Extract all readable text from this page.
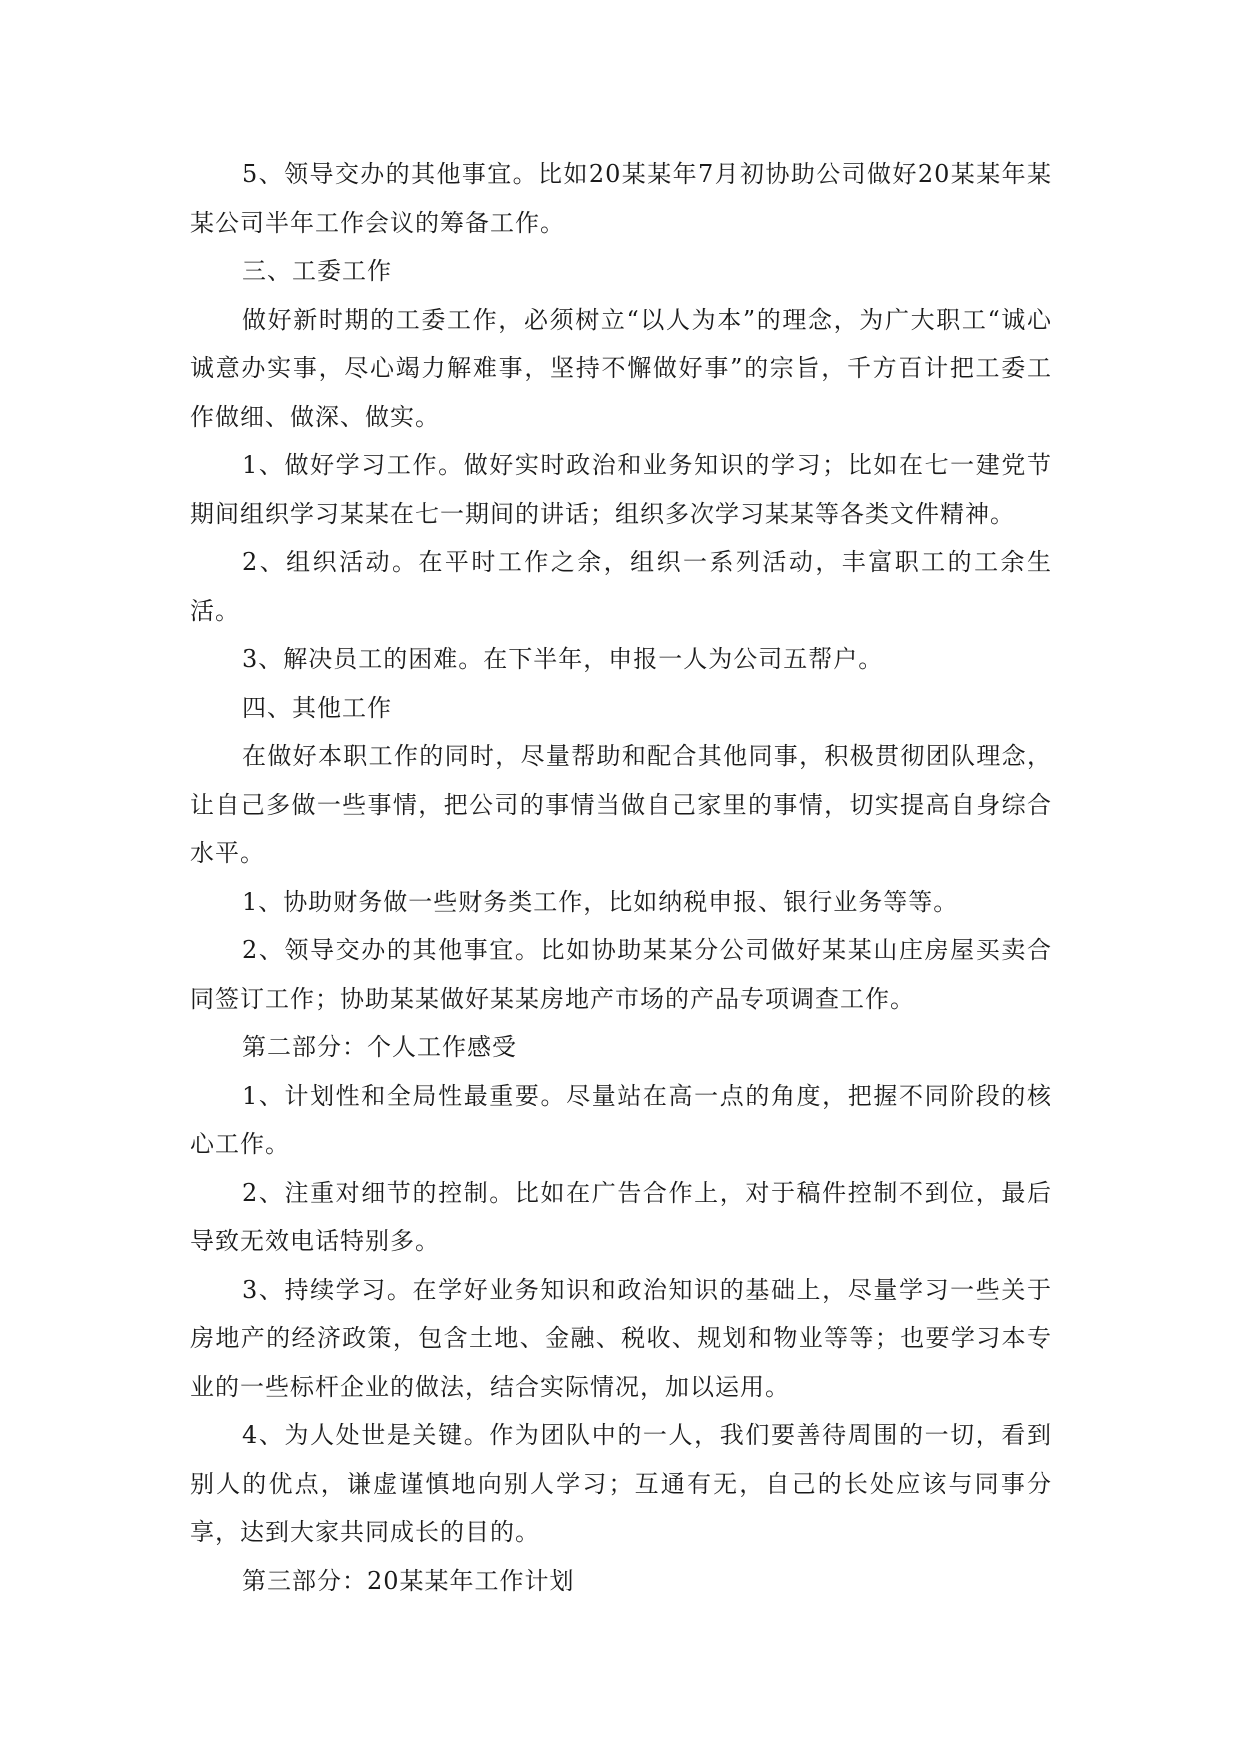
5、领导交办的其他事宜。比如20某某年7月初协助公司做好20某某年某某公司半年工作会议的筹备工作。

三、工委工作

做好新时期的工委工作，必须树立“以人为本”的理念，为广大职工“诚心诚意办实事，尽心竭力解难事，坚持不懈做好事”的宗旨，千方百计把工委工作做细、做深、做实。

1、做好学习工作。做好实时政治和业务知识的学习；比如在七一建党节期间组织学习某某在七一期间的讲话；组织多次学习某某等各类文件精神。

2、组织活动。在平时工作之余，组织一系列活动，丰富职工的工余生活。

3、解决员工的困难。在下半年，申报一人为公司五帮户。

四、其他工作

在做好本职工作的同时，尽量帮助和配合其他同事，积极贯彻团队理念，让自己多做一些事情，把公司的事情当做自己家里的事情，切实提高自身综合水平。

1、协助财务做一些财务类工作，比如纳税申报、银行业务等等。

2、领导交办的其他事宜。比如协助某某分公司做好某某山庄房屋买卖合同签订工作；协助某某做好某某房地产市场的产品专项调查工作。

第二部分：个人工作感受

1、计划性和全局性最重要。尽量站在高一点的角度，把握不同阶段的核心工作。

2、注重对细节的控制。比如在广告合作上，对于稿件控制不到位，最后导致无效电话特别多。

3、持续学习。在学好业务知识和政治知识的基础上，尽量学习一些关于房地产的经济政策，包含土地、金融、税收、规划和物业等等；也要学习本专业的一些标杆企业的做法，结合实际情况，加以运用。

4、为人处世是关键。作为团队中的一人，我们要善待周围的一切，看到别人的优点，谦虚谨慎地向别人学习；互通有无，自己的长处应该与同事分享，达到大家共同成长的目的。

第三部分：20某某年工作计划
